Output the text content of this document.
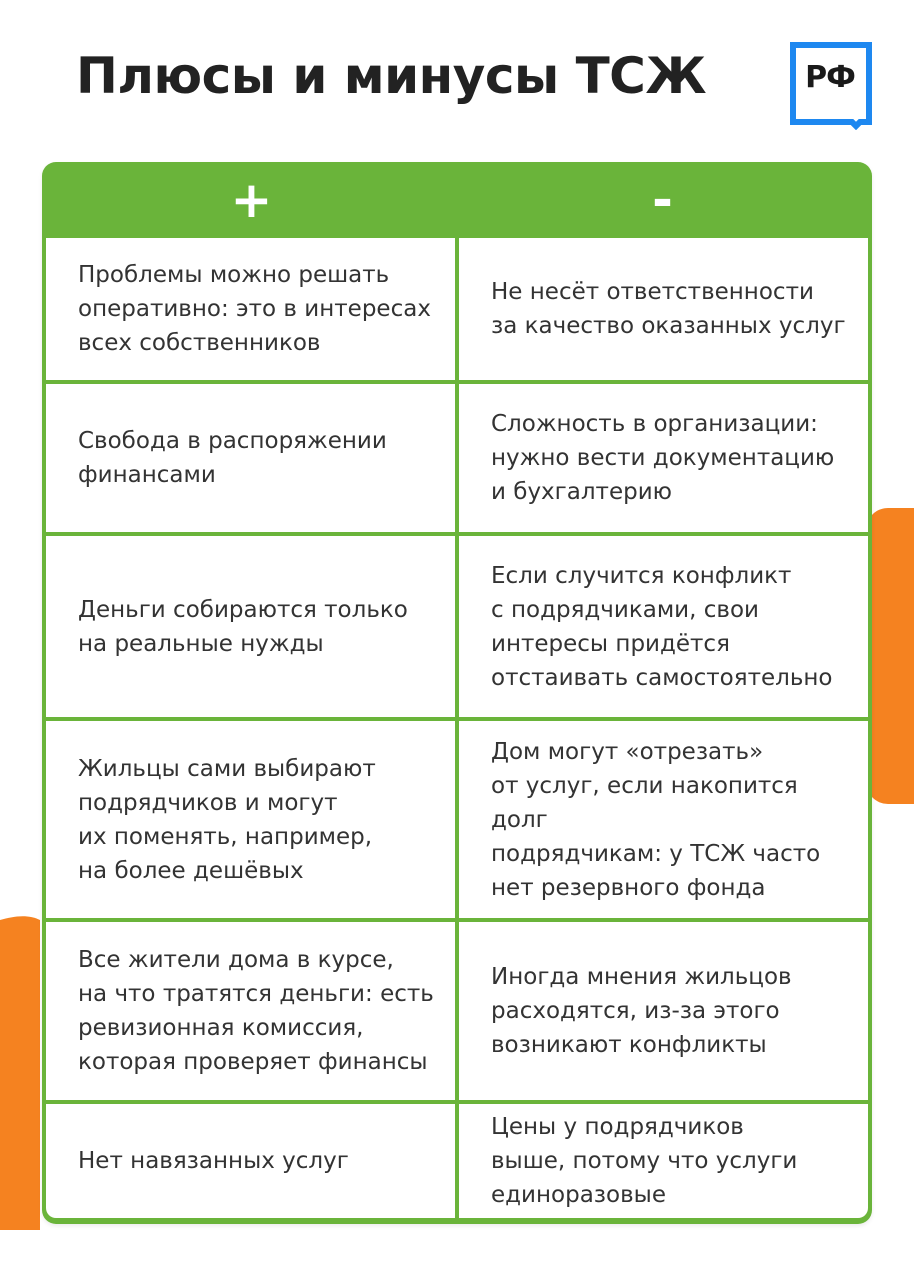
Плюсы и минусы ТСЖ	РФ
+	-
Проблемы можно решать
оперативно: это в интересах
всех собственников
Не несёт ответственности
за качество оказанных услуг
Свобода в распоряжении
финансами
Сложность в организации:
нужно вести документацию
и бухгалтерию
Деньги собираются только
на реальные нужды
Если случится конфликт
с подрядчиками, свои
интересы придётся
отстаивать самостоятельно
Жильцы сами выбирают
подрядчиков и могут
их поменять, например,
на более дешёвых
Дом могут «отрезать»
от услуг, если накопится долг
подрядчикам: у ТСЖ часто
нет резервного фонда
Все жители дома в курсе,
на что тратятся деньги: есть
ревизионная комиссия,
которая проверяет финансы
Иногда мнения жильцов
расходятся, из-за этого
возникают конфликты
Нет навязанных услуг
Цены у подрядчиков
выше, потому что услуги
единоразовые
